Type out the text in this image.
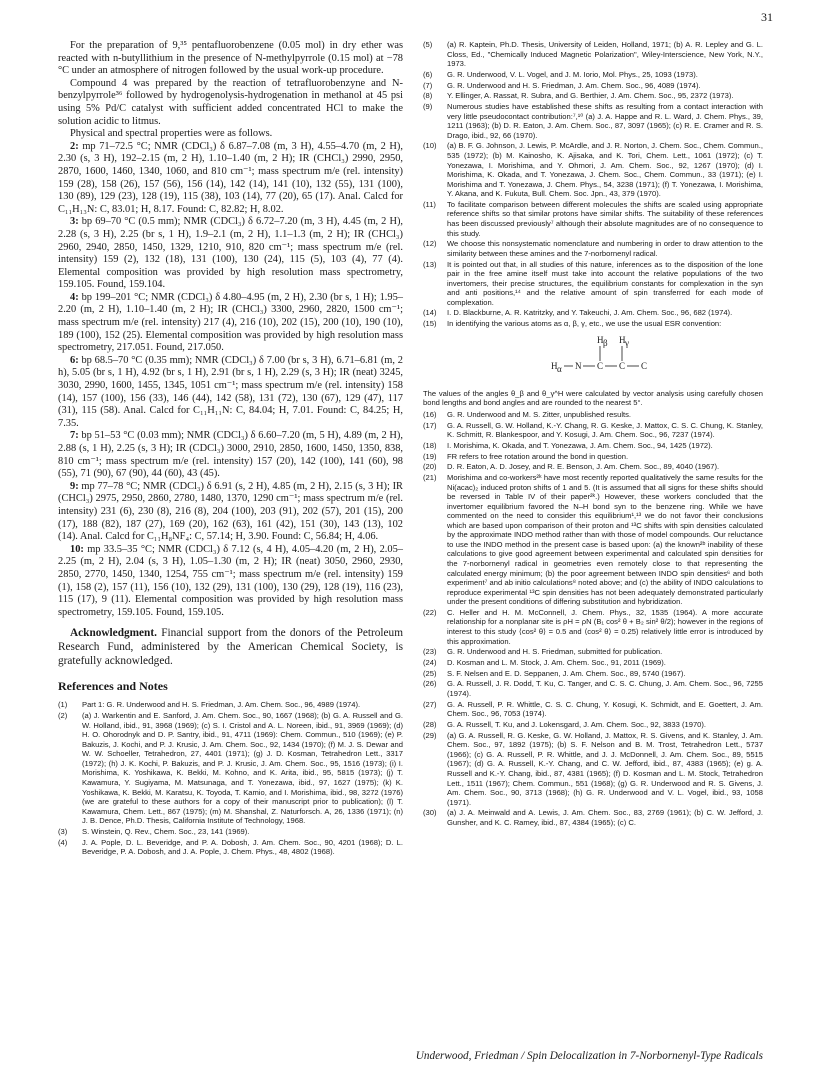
31

For the preparation of 9,³⁵ pentafluorobenzene (0.05 mol) in dry ether was reacted with n-butyllithium in the presence of N-methylpyrrole (0.15 mol) at −78 °C under an atmosphere of nitrogen followed by the usual work-up procedure.

Compound 4 was prepared by the reaction of tetrafluorobenzyne and N-benzylpyrrole³⁶ followed by hydrogenolysis-hydrogenation in methanol at 45 psi using 5% Pd/C catalyst with sufficient added concentrated HCl to make the solution acidic to litmus.

Physical and spectral properties were as follows.

2: mp 71–72.5 °C; NMR (CDCl₃) δ 6.87–7.08 (m, 3 H), 4.55–4.70 (m, 2 H), 2.30 (s, 3 H), 192–2.15 (m, 2 H), 1.10–1.40 (m, 2 H); IR (CHCl₃) 2990, 2950, 2870, 1600, 1460, 1340, 1060, and 810 cm⁻¹; mass spectrum m/e (rel. intensity) 159 (28), 158 (26), 157 (56), 156 (14), 142 (14), 141 (10), 132 (55), 131 (100), 130 (89), 129 (23), 128 (19), 115 (38), 103 (14), 77 (20), 65 (17). Anal. Calcd for C₁₁H₁₃N: C, 83.01; H, 8.17. Found: C, 82.82; H, 8.02.

3: bp 69–70 °C (0.5 mm); NMR (CDCl₃) δ 6.72–7.20 (m, 3 H), 4.45 (m, 2 H), 2.28 (s, 3 H), 2.25 (br s, 1 H), 1.9–2.1 (m, 2 H), 1.1–1.3 (m, 2 H); IR (CHCl₃) 2960, 2940, 2850, 1450, 1329, 1210, 910, 820 cm⁻¹; mass spectrum m/e (rel. intensity) 159 (2), 132 (18), 131 (100), 130 (24), 115 (5), 103 (4), 77 (4). Elemental composition was provided by high resolution mass spectrometry, 159.105. Found, 159.104.

4: bp 199–201 °C; NMR (CDCl₃) δ 4.80–4.95 (m, 2 H), 2.30 (br s, 1 H); 1.95–2.20 (m, 2 H), 1.10–1.40 (m, 2 H); IR (CHCl₃) 3300, 2960, 2820, 1500 cm⁻¹; mass spectrum m/e (rel. intensity) 217 (4), 216 (10), 202 (15), 200 (10), 190 (10), 189 (100), 152 (25). Elemental composition was provided by high resolution mass spectrometry, 217.051. Found, 217.050.

6: bp 68.5–70 °C (0.35 mm); NMR (CDCl₃) δ 7.00 (br s, 3 H), 6.71–6.81 (m, 2 h), 5.05 (br s, 1 H), 4.92 (br s, 1 H), 2.91 (br s, 1 H), 2.29 (s, 3 H); IR (neat) 3245, 3030, 2990, 1600, 1455, 1345, 1051 cm⁻¹; mass spectrum m/e (rel. intensity) 158 (14), 157 (100), 156 (33), 146 (44), 142 (58), 131 (72), 130 (67), 129 (47), 117 (31), 115 (58). Anal. Calcd for C₁₁H₁₁N: C, 84.04; H, 7.01. Found: C, 84.25; H, 7.35.

7: bp 51–53 °C (0.03 mm); NMR (CDCl₃) δ 6.60–7.20 (m, 5 H), 4.89 (m, 2 H), 2.88 (s, 1 H), 2.25 (s, 3 H); IR (CDCl₃) 3000, 2910, 2850, 1600, 1450, 1350, 838, 810 cm⁻¹; mass spectrum m/e (rel. intensity) 157 (20), 142 (100), 141 (60), 98 (55), 71 (90), 67 (90), 44 (60), 43 (45).

9: mp 77–78 °C; NMR (CDCl₃) δ 6.91 (s, 2 H), 4.85 (m, 2 H), 2.15 (s, 3 H); IR (CHCl₃) 2975, 2950, 2860, 2780, 1480, 1370, 1290 cm⁻¹; mass spectrum m/e (rel. intensity) 231 (6), 230 (8), 216 (8), 204 (100), 203 (91), 202 (57), 201 (15), 200 (17), 188 (82), 187 (27), 169 (20), 162 (63), 161 (42), 151 (30), 143 (13), 102 (14). Anal. Calcd for C₁₁H₈NF₄: C, 57.14; H, 3.90. Found: C, 56.84; H, 4.06.

10: mp 33.5–35 °C; NMR (CDCl₃) δ 7.12 (s, 4 H), 4.05–4.20 (m, 2 H), 2.05–2.25 (m, 2 H), 2.04 (s, 3 H), 1.05–1.30 (m, 2 H); IR (neat) 3050, 2960, 2930, 2850, 2770, 1450, 1340, 1254, 755 cm⁻¹; mass spectrum m/e (rel. intensity) 159 (1), 158 (2), 157 (11), 156 (10), 132 (29), 131 (100), 130 (29), 128 (19), 116 (23), 115 (17), 9 (11). Elemental composition was provided by high resolution mass spectrometry, 159.105. Found, 159.105.

Acknowledgment. Financial support from the donors of the Petroleum Research Fund, administered by the American Chemical Society, is gratefully acknowledged.

References and Notes
(1) Part 1: G. R. Underwood and H. S. Friedman, J. Am. Chem. Soc., 96, 4989 (1974).
(2) (a) J. Warkentin and E. Sanford, J. Am. Chem. Soc., 90, 1667 (1968); (b) G. A. Russell and G. W. Holland, ibid., 91, 3968 (1969); (c) S. I. Cristol and A. L. Noreen, ibid., 91, 3969 (1969); (d) H. O. Ohorodnyk and D. P. Santry, ibid., 91, 4711 (1969): Chem. Commun., 510 (1969); (e) P. Bakuzis, J. Kochi, and P. J. Krusic, J. Am. Chem. Soc., 92, 1434 (1970); (f) M. J. S. Dewar and W. W. Schoeller, Tetrahedron, 27, 4401 (1971); (g) J. D. Kosman, Tetrahedron Lett., 3317 (1972); (h) J. K. Kochi, P. Bakuzis, and P. J. Krusic, J. Am. Chem. Soc., 95, 1516 (1973); (i) I. Morishima, K. Yoshikawa, K. Bekki, M. Kohno, and K. Arita, ibid., 95, 5815 (1973); (j) T. Kawamura, Y. Sugiyama, M. Matsunaga, and T. Yonezawa, ibid., 97, 1627 (1975); (k) K. Yoshikawa, K. Bekki, M. Karatsu, K. Toyoda, T. Kamio, and I. Morishima, ibid., 98, 3272 (1976) (we are grateful to these authors for a copy of their manuscript prior to publication); (l) T. Kawamura, Chem. Lett., 867 (1975); (m) M. Shanshal, Z. Naturforsch. A, 26, 1336 (1971); (n) J. B. Dence, Ph.D. Thesis, California Institute of Technology, 1968.
(3) S. Winstein, Q. Rev., Chem. Soc., 23, 141 (1969).
(4) J. A. Pople, D. L. Beveridge, and P. A. Dobosh, J. Am. Chem. Soc., 90, 4201 (1968); D. L. Beveridge, P. A. Dobosh, and J. A. Pople, J. Chem. Phys., 48, 4802 (1968).
(5) (a) R. Kaptein, Ph.D. Thesis, University of Leiden, Holland, 1971; (b) A. R. Lepley and G. L. Closs, Ed., "Chemically Induced Magnetic Polarization", Wiley-Interscience, New York, N.Y., 1973.
(6) G. R. Underwood, V. L. Vogel, and J. M. Iorio, Mol. Phys., 25, 1093 (1973).
(7) G. R. Underwood and H. S. Friedman, J. Am. Chem. Soc., 96, 4089 (1974).
(8) Y. Ellinger, A. Rassat, R. Subra, and G. Berthier, J. Am. Chem. Soc., 95, 2372 (1973).
(9) Numerous studies have established these shifts as resulting from a contact interaction with very little pseudocontact contribution:⁷,¹⁰ (a) J. A. Happe and R. L. Ward, J. Chem. Phys., 39, 1211 (1963); (b) D. R. Eaton, J. Am. Chem. Soc., 87, 3097 (1965); (c) R. E. Cramer and R. S. Drago, ibid., 92, 66 (1970).
(10) (a) B. F. G. Johnson, J. Lewis, P. McArdle, and J. R. Norton, J. Chem. Soc., Chem. Commun., 535 (1972); (b) M. Kainosho, K. Ajisaka, and K. Tori, Chem. Lett., 1061 (1972); (c) T. Yonezawa, I. Morishima, and Y. Ohmori, J. Am. Chem. Soc., 92, 1267 (1970); (d) I. Morishima, K. Okada, and T. Yonezawa, J. Chem. Soc., Chem. Commun., 33 (1971); (e) I. Morishima and T. Yonezawa, J. Chem. Phys., 54, 3238 (1971); (f) T. Yonezawa, I. Morishima, Y. Akana, and K. Fukuta, Bull. Chem. Soc. Jpn., 43, 379 (1970).
(11) To facilitate comparison between different molecules the shifts are scaled using appropriate reference shifts so that similar protons have similar shifts. The suitability of these references has been discussed previously⁷ although their absolute magnitudes are of no consequence to this study.
(12) We choose this nonsystematic nomenclature and numbering in order to draw attention to the similarity between these amines and the 7-norbornenyl radical.
(13) It is pointed out that, in all studies of this nature, inferences as to the disposition of the lone pair in the free amine itself must take into account the relative populations of the two invertomers, their precise structures, the equilibrium constants for complexation in the syn and anti positions,¹⁴ and the relative amount of spin transferred for each mode of complexation.
(14) I. D. Blackburne, A. R. Katritzky, and Y. Takeuchi, J. Am. Chem. Soc., 96, 682 (1974).
(15) In identifying the various atoms as α, β, γ, etc., we use the usual ESR convention:
H β H γ
H α N C C C

The values of the angles θ_β and θ_γ^H were calculated by vector analysis using carefully chosen bond lengths and bond angles and are rounded to the nearest 5°.

(16) G. R. Underwood and M. S. Zitter, unpublished results.
(17) G. A. Russell, G. W. Holland, K.-Y. Chang, R. G. Keske, J. Mattox, C. S. C. Chung, K. Stanley, K. Schmitt, R. Blankespoor, and Y. Kosugi, J. Am. Chem. Soc., 96, 7237 (1974).
(18) I. Morishima, K. Okada, and T. Yonezawa, J. Am. Chem. Soc., 94, 1425 (1972).
(19) FR refers to free rotation around the bond in question.
(20) D. R. Eaton, A. D. Josey, and R. E. Benson, J. Am. Chem. Soc., 89, 4040 (1967).
(21) Morishima and co-workers²ᵏ have most recently reported qualitatively the same results for the Ni(acac)₂ induced proton shifts of 1 and 5. (It is assumed that all signs for these shifts should be reversed in Table IV of their paper²ᵏ.) However, these workers concluded that the invertomer equilibrium favored the N–H bond syn to the benzene ring. While we have commented on the need to consider this equilibrium¹,¹³ we do not favor their conclusions which are based upon comparison of their proton and ¹³C shifts with spin densities calculated by the approximate INDO method rather than with those of model compounds. Our reluctance to use the INDO method in the present case is based upon: (a) the known²ᵇ inability of these calculations to give good agreement between experimental and calculated spin densities for the 7-norbornenyl radical in geometries even remotely close to that representing the calculated energy minimum; (b) the poor agreement between INDO spin densities⁶ and both experiment⁷ and ab initio calculations⁸ noted above; and (c) the ability of INDO calculations to reproduce experimental ¹³C spin densities has not been adequately demonstrated particularly under the present conditions of differing substitution and hybridization.
(22) C. Heller and H. M. McConnell, J. Chem. Phys., 32, 1535 (1964). A more accurate relationship for a nonplanar site is ρH = ρN (B₁ cos² θ + B₂ sin² θ/2); however in the regions of interest to this study ⟨cos² θ⟩ = 0.5 and ⟨cos² θ⟩ = 0.25) relatively little error is introduced by this approximation.
(23) G. R. Underwood and H. S. Friedman, submitted for publication.
(24) D. Kosman and L. M. Stock, J. Am. Chem. Soc., 91, 2011 (1969).
(25) S. F. Nelsen and E. D. Seppanen, J. Am. Chem. Soc., 89, 5740 (1967).
(26) G. A. Russell, J. R. Dodd, T. Ku, C. Tanger, and C. S. C. Chung, J. Am. Chem. Soc., 96, 7255 (1974).
(27) G. A. Russell, P. R. Whittle, C. S. C. Chung, Y. Kosugi, K. Schmidt, and E. Goettert, J. Am. Chem. Soc., 96, 7053 (1974).
(28) G. A. Russell, T. Ku, and J. Lokensgard, J. Am. Chem. Soc., 92, 3833 (1970).
(29) (a) G. A. Russell, R. G. Keske, G. W. Holland, J. Mattox, R. S. Givens, and K. Stanley, J. Am. Chem. Soc., 97, 1892 (1975); (b) S. F. Nelson and B. M. Trost, Tetrahedron Lett., 5737 (1966); (c) G. A. Russell, P. R. Whittle, and J. J. McDonnell, J. Am. Chem. Soc., 89, 5515 (1967); (d) G. A. Russell, K.-Y. Chang, and C. W. Jefford, ibid., 87, 4383 (1965); (e) g. A. Russell and K.-Y. Chang, ibid., 87, 4381 (1965); (f) D. Kosman and L. M. Stock, Tetrahedron Lett., 1511 (1967); Chem. Commun., 551 (1968); (g) G. R. Underwood and R. S. Givens, J. Am. Chem. Soc., 90, 3713 (1968); (h) G. R. Underwood and V. L. Vogel, ibid., 93, 1058 (1971).
(30) (a) J. A. Meinwald and A. Lewis, J. Am. Chem. Soc., 83, 2769 (1961); (b) C. W. Jefford, J. Gunsher, and K. C. Ramey, ibid., 87, 4384 (1965); (c) C.
Underwood, Friedman / Spin Delocalization in 7-Norbornenyl-Type Radicals
